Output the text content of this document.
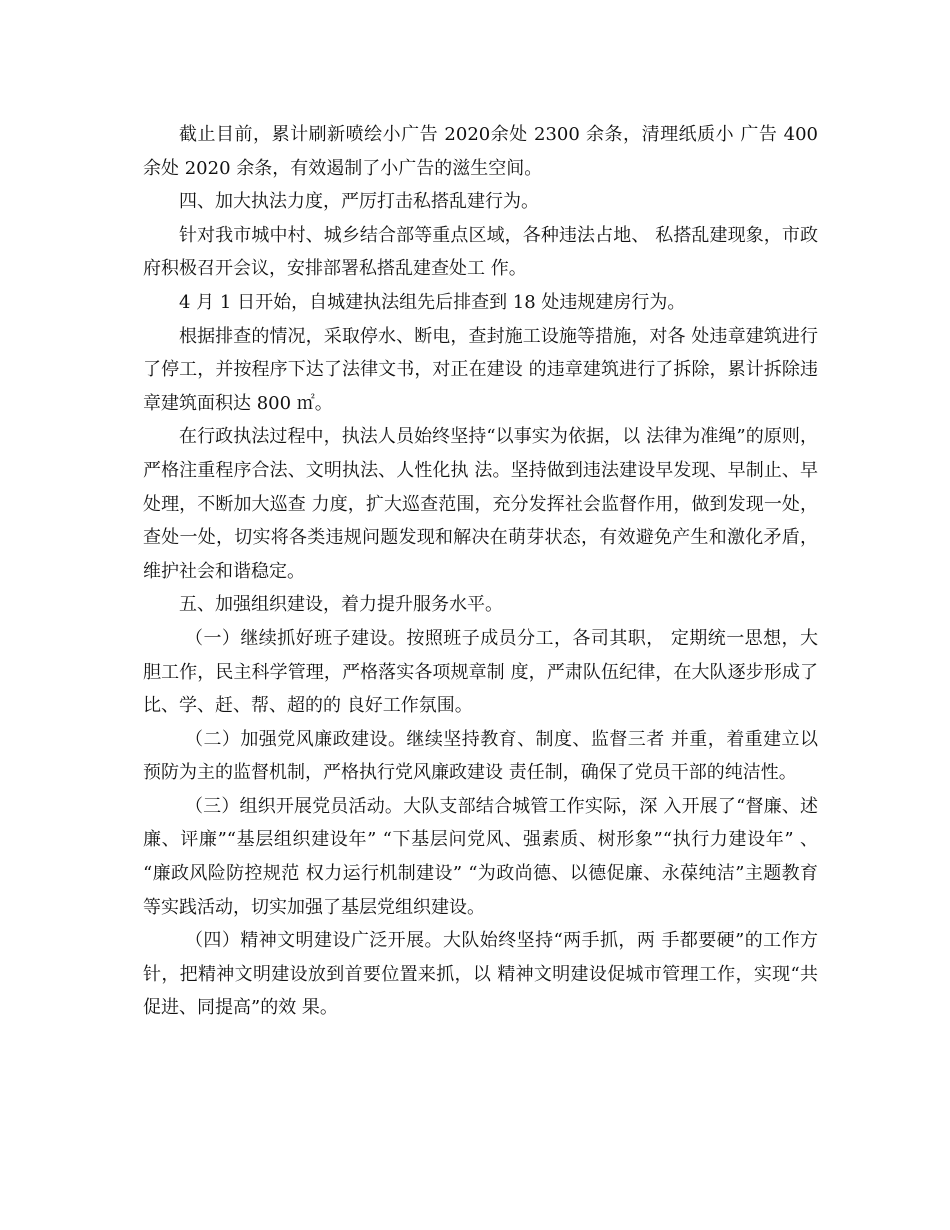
截止目前，累计刷新喷绘小广告 2020余处 2300 余条，清理纸质小 广告 400 余处 2020 余条，有效遏制了小广告的滋生空间。

四、加大执法力度，严厉打击私搭乱建行为。

针对我市城中村、城乡结合部等重点区域，各种违法占地、 私搭乱建现象，市政府积极召开会议，安排部署私搭乱建查处工 作。

4 月 1 日开始，自城建执法组先后排查到 18 处违规建房行为。

根据排查的情况，采取停水、断电，查封施工设施等措施，对各 处违章建筑进行了停工，并按程序下达了法律文书，对正在建设 的违章建筑进行了拆除，累计拆除违章建筑面积达 800 ㎡。

在行政执法过程中，执法人员始终坚持“以事实为依据，以 法律为准绳”的原则，严格注重程序合法、文明执法、人性化执 法。坚持做到违法建设早发现、早制止、早处理，不断加大巡查 力度，扩大巡查范围，充分发挥社会监督作用，做到发现一处， 查处一处，切实将各类违规问题发现和解决在萌芽状态，有效避免产生和激化矛盾，维护社会和谐稳定。

五、加强组织建设，着力提升服务水平。

（一）继续抓好班子建设。按照班子成员分工，各司其职， 定期统一思想，大胆工作，民主科学管理，严格落实各项规章制 度，严肃队伍纪律，在大队逐步形成了比、学、赶、帮、超的的 良好工作氛围。

（二）加强党风廉政建设。继续坚持教育、制度、监督三者 并重，着重建立以预防为主的监督机制，严格执行党风廉政建设 责任制，确保了党员干部的纯洁性。

（三）组织开展党员活动。大队支部结合城管工作实际，深 入开展了“督廉、述廉、评廉”“基层组织建设年” “下基层问党风、强素质、树形象”“执行力建设年” 、 “廉政风险防控规范 权力运行机制建设” “为政尚德、以德促廉、永葆纯洁”主题教育 等实践活动，切实加强了基层党组织建设。

（四）精神文明建设广泛开展。大队始终坚持“两手抓，两 手都要硬”的工作方针，把精神文明建设放到首要位置来抓，以 精神文明建设促城市管理工作，实现“共促进、同提高”的效 果。
